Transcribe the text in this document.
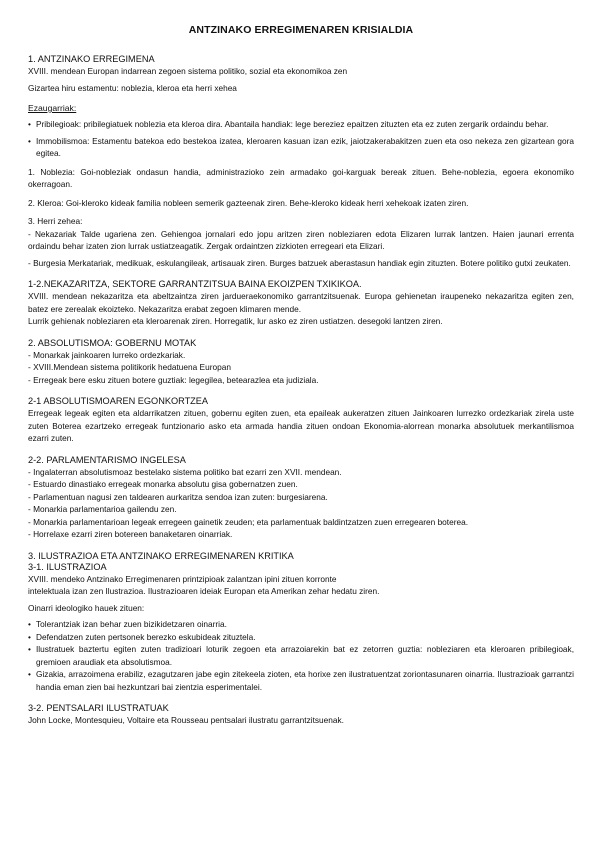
ANTZINAKO ERREGIMENAREN KRISIALDIA
1. ANTZINAKO ERREGIMENA

XVIII. mendean Europan indarrean zegoen sistema politiko, sozial eta ekonomikoa zen

Gizartea hiru estamentu: noblezia, kleroa eta herri xehea

Ezaugarriak:
• Pribilegioak: pribilegiatuek noblezia eta kleroa dira. Abantaila handiak: lege bereziez epaitzen zituzten eta ez zuten zergarik ordaindu behar.
• Immobilismoa: Estamentu batekoa edo bestekoa izatea, kleroaren kasuan izan ezik, jaiotzakerabakitzen zuen eta oso nekeza zen gizartean gora egitea.

1. Noblezia: Goi-nobleziak ondasun handia, administrazioko zein armadako goi-karguak bereak zituen. Behe-noblezia, egoera ekonomiko okerragoan.

2. Kleroa: Goi-kleroko kideak familia nobleen semerik gazteenak ziren. Behe-kleroko kideak herri xehekoak izaten ziren.

3. Herri zehea:

- Nekazariak Talde ugariena zen. Gehiengoa jornalari edo jopu aritzen ziren nobleziaren edota Elizaren lurrak lantzen. Haien jaunari errenta ordaindu behar izaten zion lurrak ustiatzeagatik. Zergak ordaintzen zizkioten erregeari eta Elizari.

- Burgesia Merkatariak, medikuak, eskulangileak, artisauak ziren. Burges batzuek aberastasun handiak egin zituzten. Botere politiko gutxi zeukaten.

1-2.NEKAZARITZA, SEKTORE GARRANTZITSUA BAINA EKOIZPEN TXIKIKOA.

XVIII. mendean nekazaritza eta abeltzaintza ziren jardueraekonomiko garrantzitsuenak. Europa gehienetan iraupeneko nekazaritza egiten zen, batez ere zerealak ekoizteko. Nekazaritza erabat zegoen klimaren mende.

Lurrik gehienak nobleziaren eta kleroarenak ziren. Horregatik, lur asko ez ziren ustiatzen. desegoki lantzen ziren.

2. ABSOLUTISMOA: GOBERNU MOTAK

- Monarkak jainkoaren lurreko ordezkariak.

- XVIII.Mendean sistema politikorik hedatuena Europan

- Erregeak bere esku zituen botere guztiak: legegilea, betearazlea eta judiziala.

2-1 ABSOLUTISMOAREN EGONKORTZEA

Erregeak legeak egiten eta aldarrikatzen zituen, gobernu egiten zuen, eta epaileak aukeratzen zituen Jainkoaren lurrezko ordezkariak zirela uste zuten Boterea ezartzeko erregeak funtzionario asko eta armada handia zituen ondoan Ekonomia-alorrean monarka absolutuek merkantilismoa ezarri zuten.

2-2. PARLAMENTARISMO INGELESA

- Ingalaterran absolutismoaz bestelako sistema politiko bat ezarri zen XVII. mendean.

- Estuardo dinastiako erregeak monarka absolutu gisa gobernatzen zuen.

- Parlamentuan nagusi zen taldearen aurkaritza sendoa izan zuten: burgesiarena.

- Monarkia parlamentarioa gailendu zen.

- Monarkia parlamentarioan legeak erregeen gainetik zeuden; eta parlamentuak baldintzatzen zuen erregearen boterea.

- Horrelaxe ezarri ziren botereen banaketaren oinarriak.

3. ILUSTRAZIOA ETA ANTZINAKO ERREGIMENAREN KRITIKA
3-1. ILUSTRAZIOA

XVIII. mendeko Antzinako Erregimenaren printzipioak zalantzan ipini zituen korronte

intelektuala izan zen Ilustrazioa. Ilustrazioaren ideiak Europan eta Amerikan zehar hedatu ziren.

Oinarri ideologiko hauek zituen:

• Tolerantziak izan behar zuen bizikidetzaren oinarria.
• Defendatzen zuten pertsonek berezko eskubideak zituztela.
• Ilustratuek baztertu egiten zuten tradizioari loturik zegoen eta arrazoiarekin bat ez zetorren guztia: nobleziaren eta kleroaren pribilegioak, gremioen araudiak eta absolutismoa.
• Gizakia, arrazoimena erabiliz, ezagutzaren jabe egin zitekeela zioten, eta horixe zen ilustratuentzat zoriontasunaren oinarria. Ilustrazioak garrantzi handia eman zien bai hezkuntzari bai zientzia esperimentalei.
3-2. PENTSALARI ILUSTRATUAK

John Locke, Montesquieu, Voltaire eta Rousseau pentsalari ilustratu garrantzitsuenak.
